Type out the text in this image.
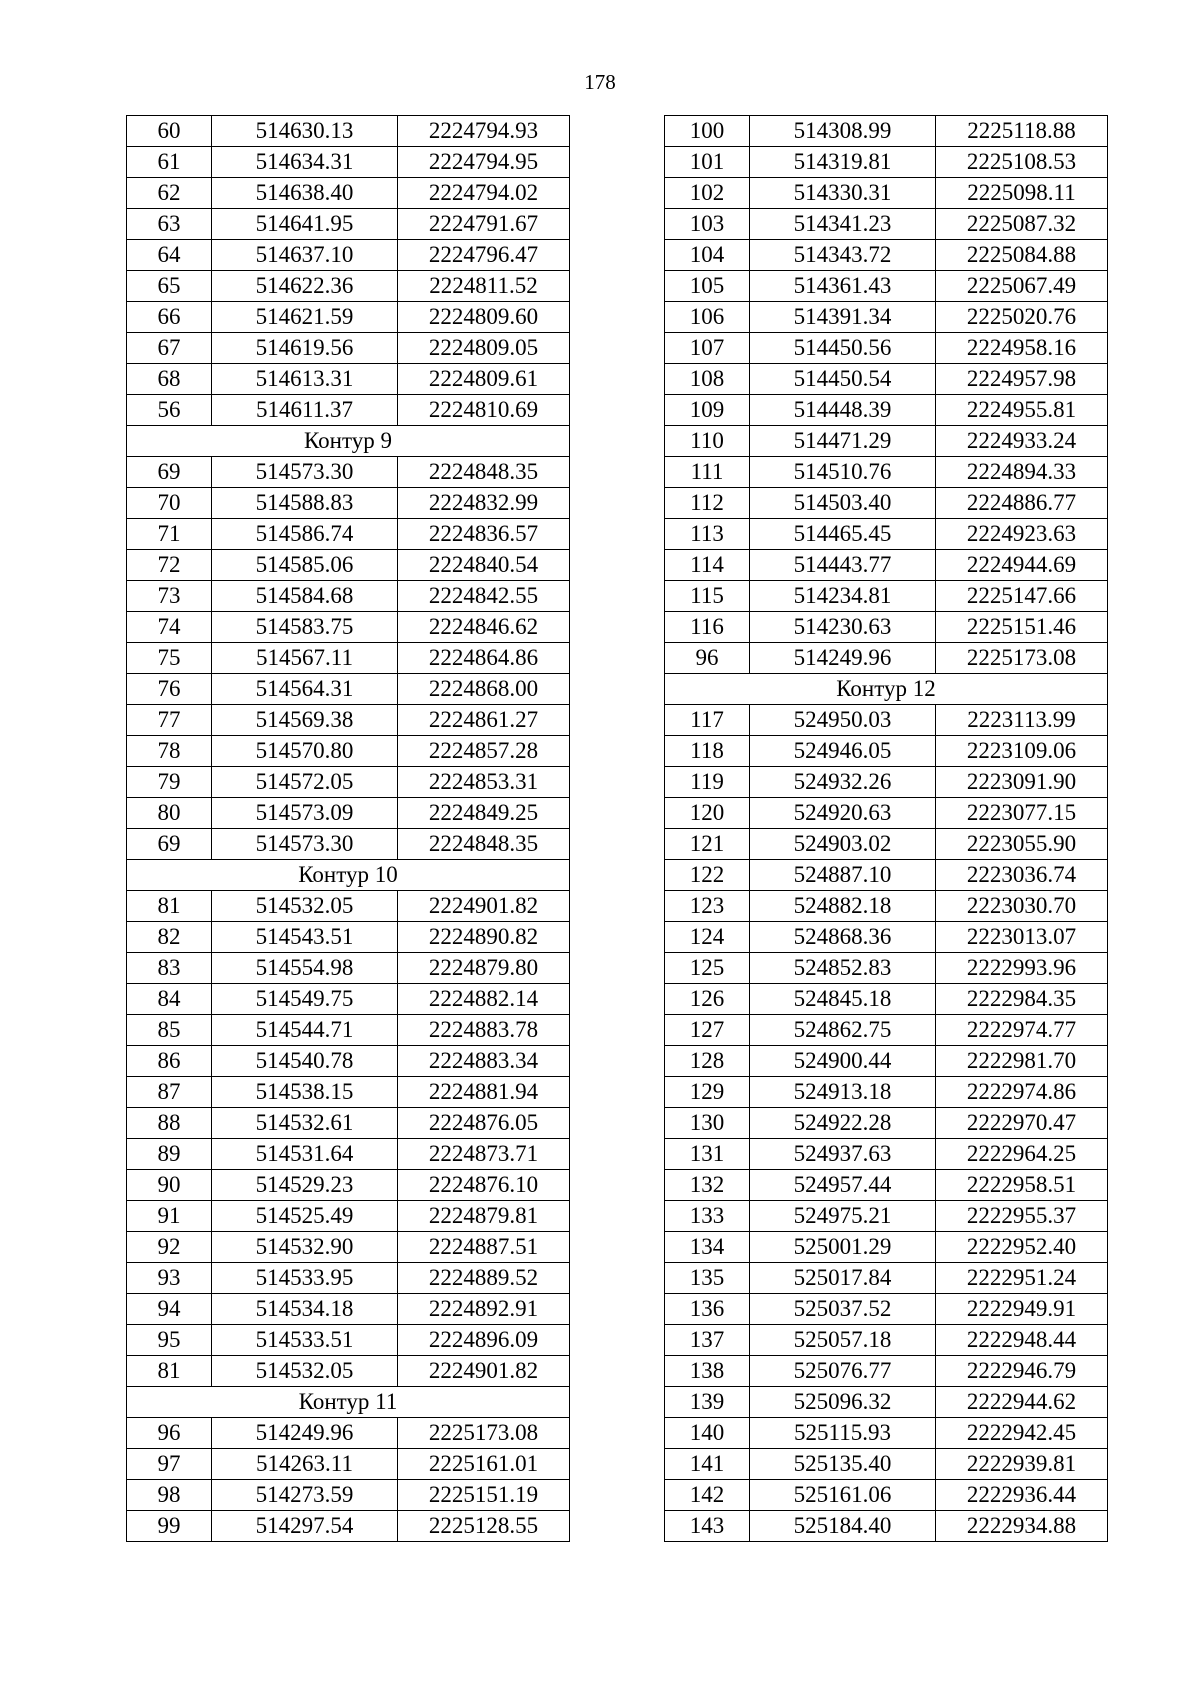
178
60	514630.13	2224794.93
61	514634.31	2224794.95
62	514638.40	2224794.02
63	514641.95	2224791.67
64	514637.10	2224796.47
65	514622.36	2224811.52
66	514621.59	2224809.60
67	514619.56	2224809.05
68	514613.31	2224809.61
56	514611.37	2224810.69
Контур 9		
69	514573.30	2224848.35
70	514588.83	2224832.99
71	514586.74	2224836.57
72	514585.06	2224840.54
73	514584.68	2224842.55
74	514583.75	2224846.62
75	514567.11	2224864.86
76	514564.31	2224868.00
77	514569.38	2224861.27
78	514570.80	2224857.28
79	514572.05	2224853.31
80	514573.09	2224849.25
69	514573.30	2224848.35
Контур 10		
81	514532.05	2224901.82
82	514543.51	2224890.82
83	514554.98	2224879.80
84	514549.75	2224882.14
85	514544.71	2224883.78
86	514540.78	2224883.34
87	514538.15	2224881.94
88	514532.61	2224876.05
89	514531.64	2224873.71
90	514529.23	2224876.10
91	514525.49	2224879.81
92	514532.90	2224887.51
93	514533.95	2224889.52
94	514534.18	2224892.91
95	514533.51	2224896.09
81	514532.05	2224901.82
Контур 11		
96	514249.96	2225173.08
97	514263.11	2225161.01
98	514273.59	2225151.19
99	514297.54	2225128.55
100	514308.99	2225118.88
101	514319.81	2225108.53
102	514330.31	2225098.11
103	514341.23	2225087.32
104	514343.72	2225084.88
105	514361.43	2225067.49
106	514391.34	2225020.76
107	514450.56	2224958.16
108	514450.54	2224957.98
109	514448.39	2224955.81
110	514471.29	2224933.24
111	514510.76	2224894.33
112	514503.40	2224886.77
113	514465.45	2224923.63
114	514443.77	2224944.69
115	514234.81	2225147.66
116	514230.63	2225151.46
96	514249.96	2225173.08
Контур 12		
117	524950.03	2223113.99
118	524946.05	2223109.06
119	524932.26	2223091.90
120	524920.63	2223077.15
121	524903.02	2223055.90
122	524887.10	2223036.74
123	524882.18	2223030.70
124	524868.36	2223013.07
125	524852.83	2222993.96
126	524845.18	2222984.35
127	524862.75	2222974.77
128	524900.44	2222981.70
129	524913.18	2222974.86
130	524922.28	2222970.47
131	524937.63	2222964.25
132	524957.44	2222958.51
133	524975.21	2222955.37
134	525001.29	2222952.40
135	525017.84	2222951.24
136	525037.52	2222949.91
137	525057.18	2222948.44
138	525076.77	2222946.79
139	525096.32	2222944.62
140	525115.93	2222942.45
141	525135.40	2222939.81
142	525161.06	2222936.44
143	525184.40	2222934.88
